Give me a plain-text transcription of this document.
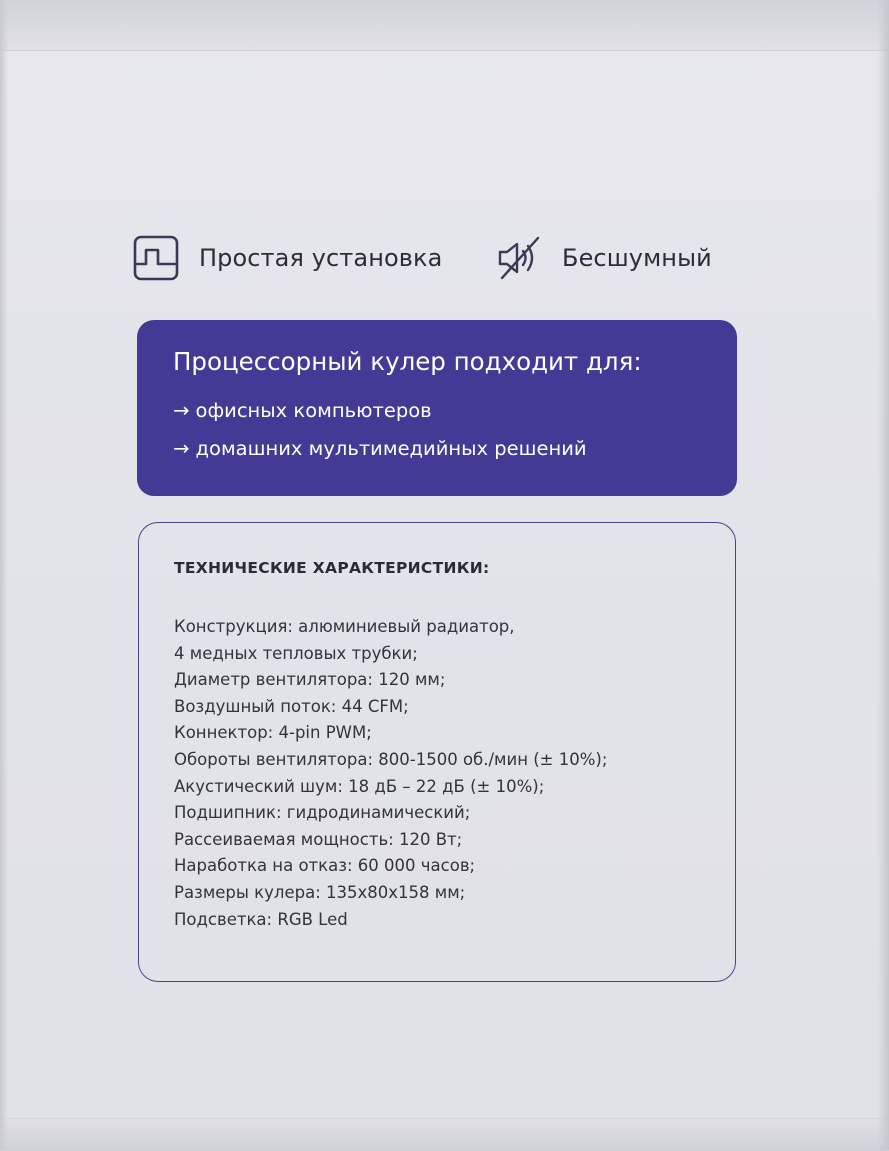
Простая установка	Бесшумный
Процессорный кулер подходит для:
→ офисных компьютеров
→ домашних мультимедийных решений
ТЕХНИЧЕСКИЕ ХАРАКТЕРИСТИКИ:
Конструкция: алюминиевый радиатор,
4 медных тепловых трубки;
Диаметр вентилятора: 120 мм;
Воздушный поток: 44 CFM;
Коннектор: 4-pin PWM;
Обороты вентилятора: 800-1500 об./мин (± 10%);
Акустический шум: 18 дБ – 22 дБ (± 10%);
Подшипник: гидродинамический;
Рассеиваемая мощность: 120 Вт;
Наработка на отказ: 60 000 часов;
Размеры кулера: 135x80x158 мм;
Подсветка: RGB Led
